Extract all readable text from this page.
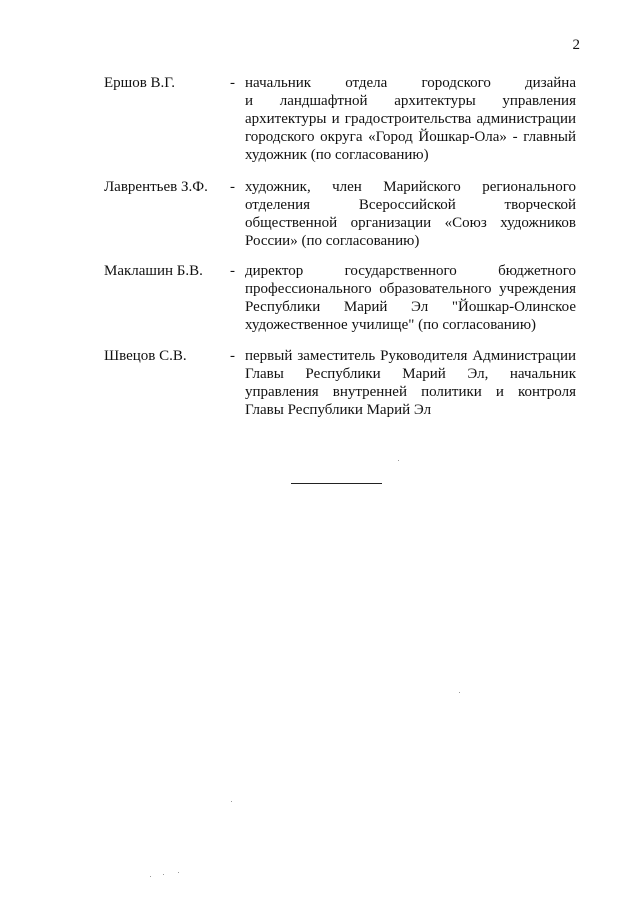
2
Ершов В.Г.	- начальник отдела городского дизайна
и ландшафтной архитектуры управления
архитектуры и градостроительства администрации
городского округа «Город Йошкар-Ола» - главный
художник (по согласованию)
Лаврентьев З.Ф. - художник, член Марийского регионального
отделения Всероссийской творческой
общественной организации «Союз художников
России» (по согласованию)
Маклашин Б.В. - директор государственного бюджетного
профессионального образовательного учреждения
Республики Марий Эл "Йошкар-Олинское
художественное училище" (по согласованию)
Швецов С.В.	- первый заместитель Руководителя Администрации
Главы Республики Марий Эл, начальник
управления внутренней политики и контроля
Главы Республики Марий Эл
